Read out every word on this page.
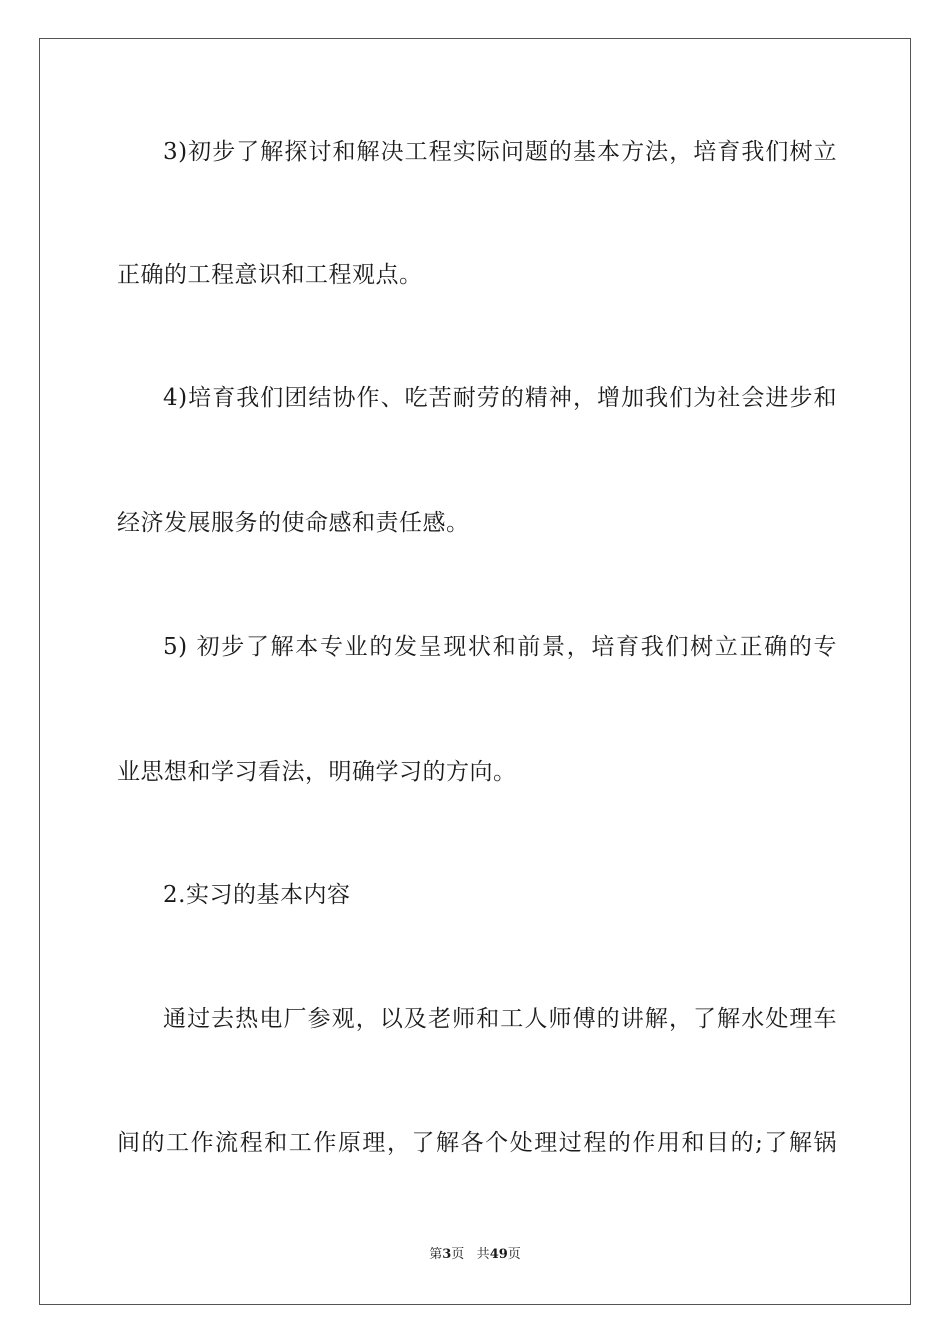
3)初步了解探讨和解决工程实际问题的基本方法，培育我们树立
正确的工程意识和工程观点。
4)培育我们团结协作、吃苦耐劳的精神，增加我们为社会进步和
经济发展服务的使命感和责任感。
5) 初步了解本专业的发呈现状和前景，培育我们树立正确的专
业思想和学习看法，明确学习的方向。
2.实习的基本内容
通过去热电厂参观，以及老师和工人师傅的讲解，了解水处理车
间的工作流程和工作原理，了解各个处理过程的作用和目的;了解锅
第3页 共49页
